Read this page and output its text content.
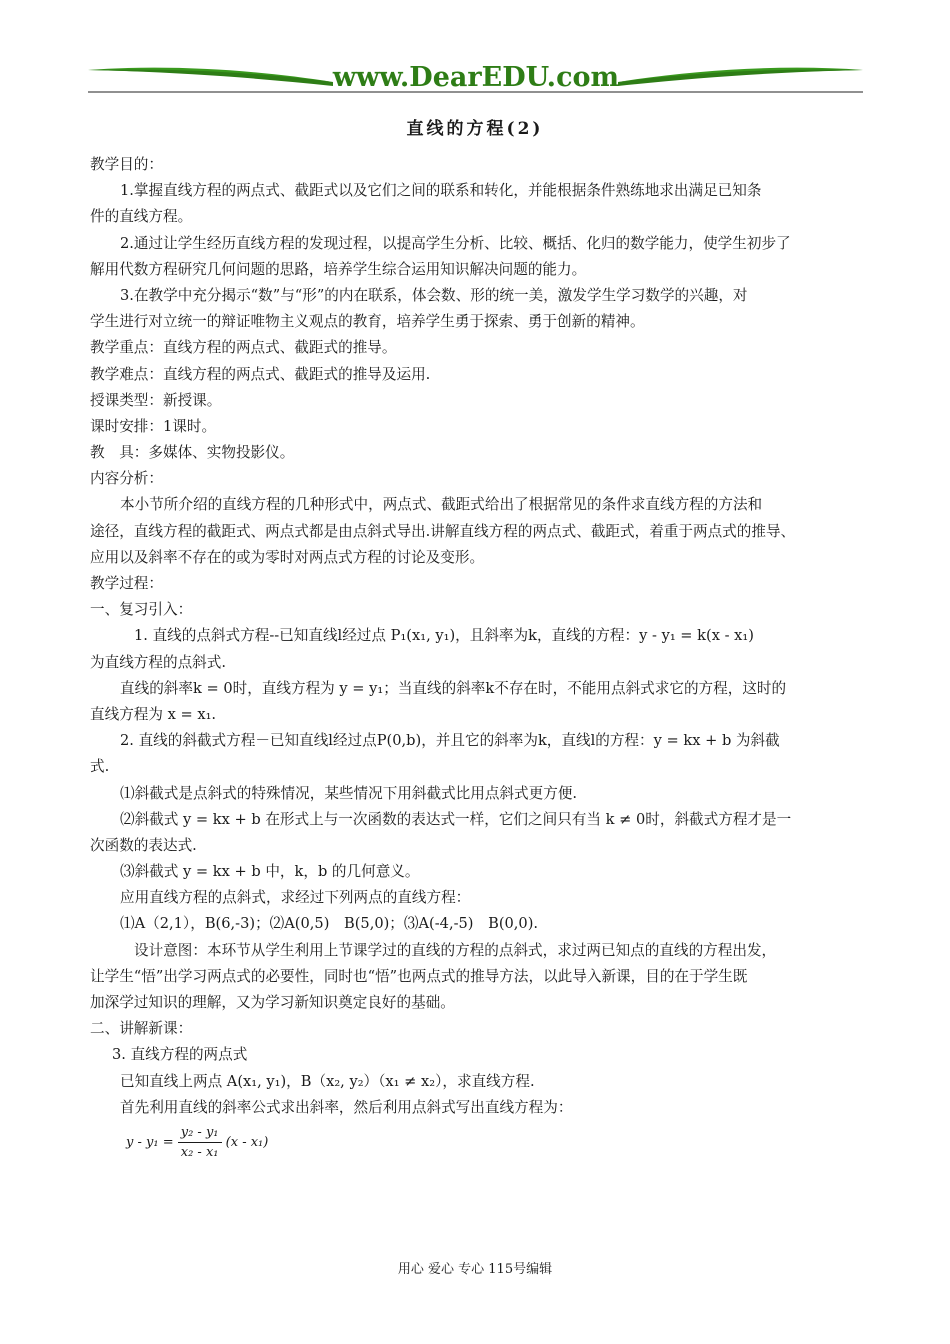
www.DearEDU.com
直线的方程(2)
教学目的：
1.掌握直线方程的两点式、截距式以及它们之间的联系和转化，并能根据条件熟练地求出满足已知条
件的直线方程。
2.通过让学生经历直线方程的发现过程，以提高学生分析、比较、概括、化归的数学能力，使学生初步了
解用代数方程研究几何问题的思路，培养学生综合运用知识解决问题的能力。
3.在教学中充分揭示“数”与“形”的内在联系，体会数、形的统一美，激发学生学习数学的兴趣，对
学生进行对立统一的辩证唯物主义观点的教育，培养学生勇于探索、勇于创新的精神。
教学重点：直线方程的两点式、截距式的推导。
教学难点：直线方程的两点式、截距式的推导及运用.
授课类型：新授课。
课时安排：1课时。
教　具：多媒体、实物投影仪。
内容分析：
本小节所介绍的直线方程的几种形式中，两点式、截距式给出了根据常见的条件求直线方程的方法和
途径，直线方程的截距式、两点式都是由点斜式导出.讲解直线方程的两点式、截距式，着重于两点式的推导、
应用以及斜率不存在的或为零时对两点式方程的讨论及变形。
教学过程：
一、复习引入：
1. 直线的点斜式方程--已知直线l经过点 P₁(x₁, y₁)，且斜率为k，直线的方程：y - y₁ = k(x - x₁)
为直线方程的点斜式.
直线的斜率k = 0时，直线方程为 y = y₁；当直线的斜率k不存在时，不能用点斜式求它的方程，这时的
直线方程为 x = x₁.
2. 直线的斜截式方程－已知直线l经过点P(0,b)，并且它的斜率为k，直线l的方程：y = kx + b 为斜截
式.
⑴斜截式是点斜式的特殊情况，某些情况下用斜截式比用点斜式更方便.
⑵斜截式 y = kx + b 在形式上与一次函数的表达式一样，它们之间只有当 k ≠ 0时，斜截式方程才是一
次函数的表达式.
⑶斜截式 y = kx + b 中，k，b 的几何意义。
应用直线方程的点斜式，求经过下列两点的直线方程：
⑴A（2,1），B(6,-3)；⑵A(0,5)　B(5,0)；⑶A(-4,-5)　B(0,0).
设计意图：本环节从学生利用上节课学过的直线的方程的点斜式，求过两已知点的直线的方程出发，
让学生“悟”出学习两点式的必要性，同时也“悟”也两点式的推导方法，以此导入新课，目的在于学生既
加深学过知识的理解，又为学习新知识奠定良好的基础。
二、讲解新课：
3. 直线方程的两点式
已知直线上两点 A(x₁, y₁)，B（x₂, y₂）（x₁ ≠ x₂），求直线方程.
首先利用直线的斜率公式求出斜率，然后利用点斜式写出直线方程为：
$y - y_1 = \frac{\text{y₂ - y₁}}{\text{x₂ - x₁}} (x - x_1)$
用心 爱心 专心 115号编辑
